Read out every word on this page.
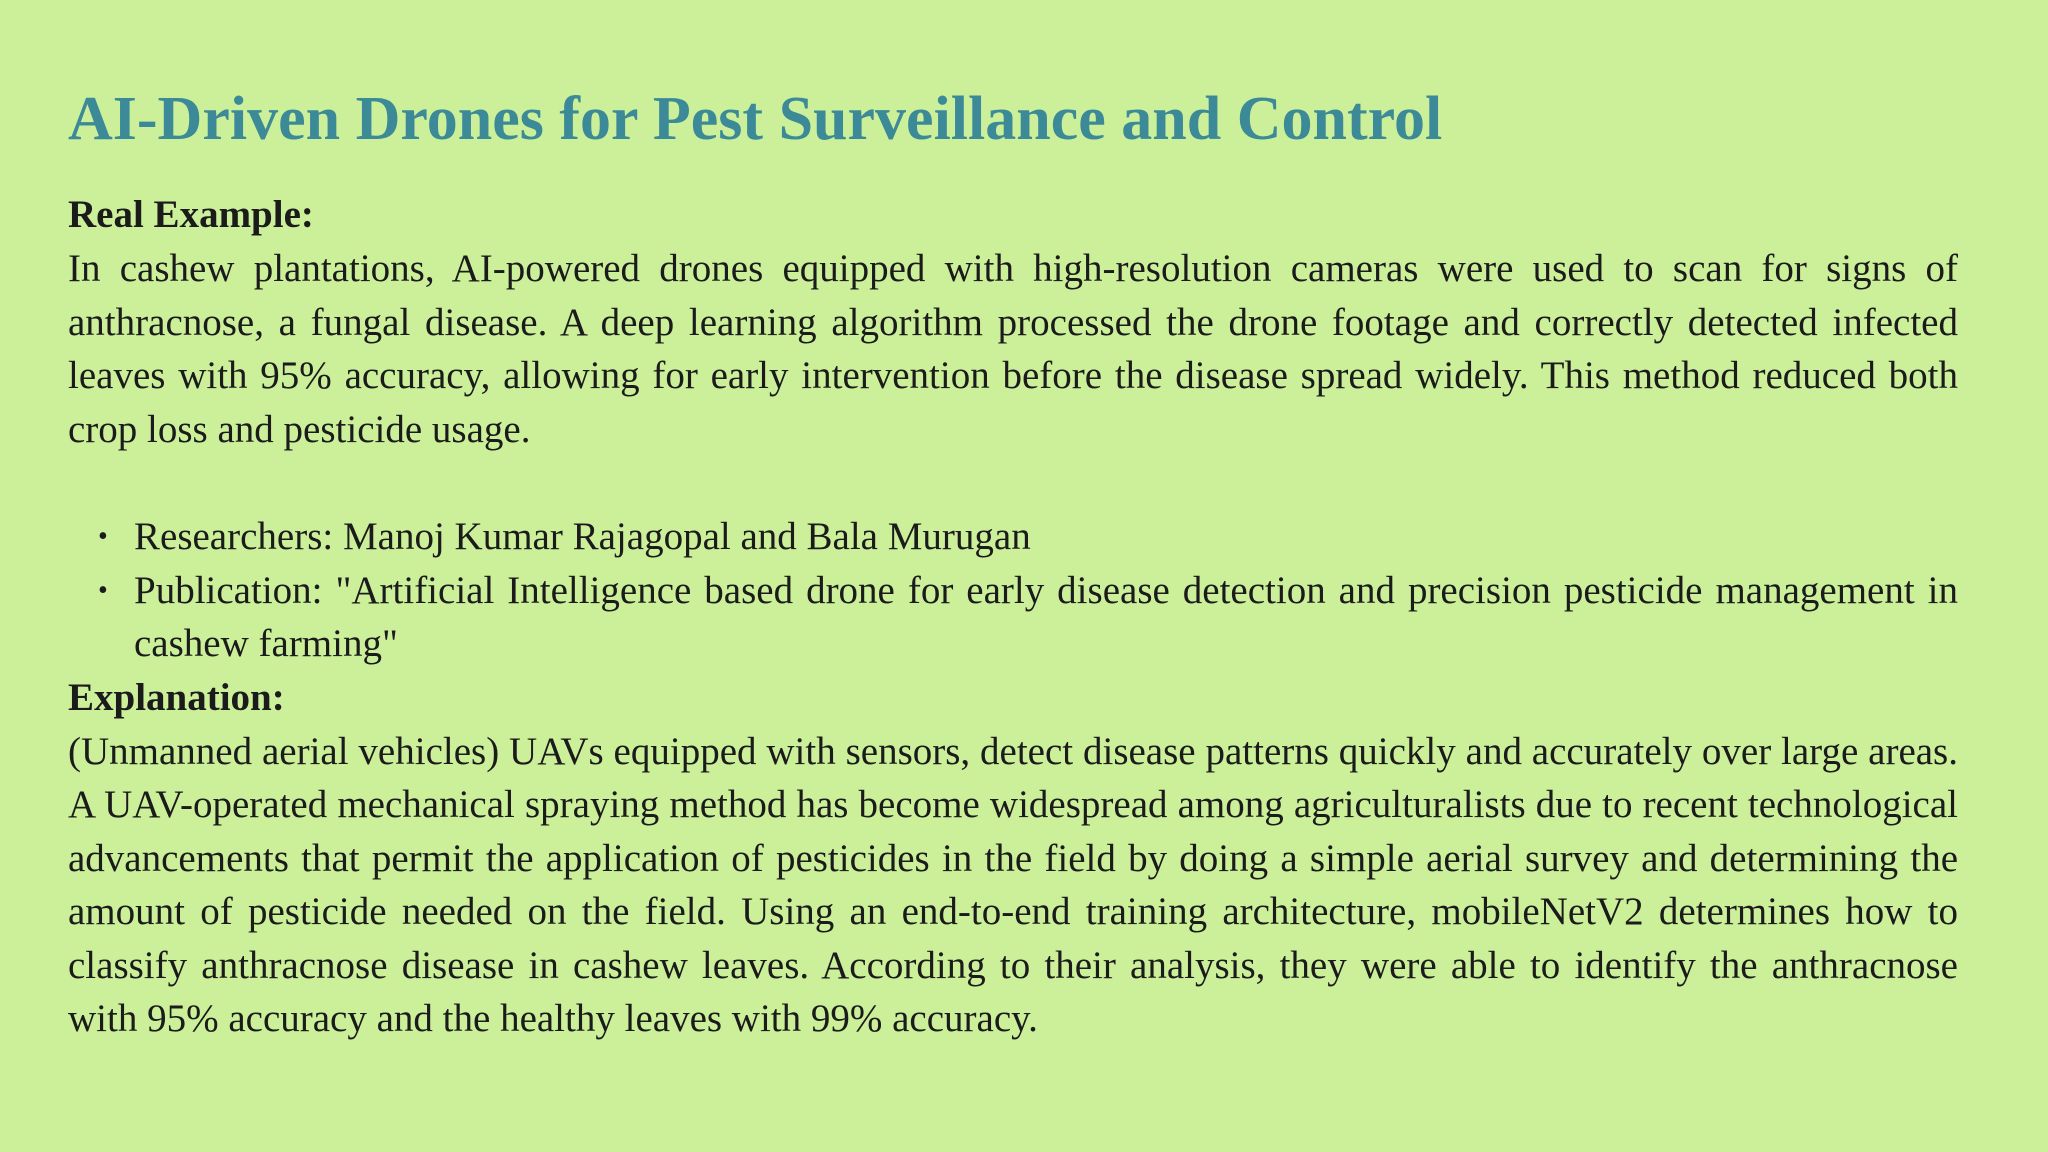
AI-Driven Drones for Pest Surveillance and Control

Real Example:

In cashew plantations, AI-powered drones equipped with high-resolution cameras were used to scan for signs of anthracnose, a fungal disease. A deep learning algorithm processed the drone footage and correctly detected infected leaves with 95% accuracy, allowing for early intervention before the disease spread widely. This method reduced both crop loss and pesticide usage.

• Researchers: Manoj Kumar Rajagopal and Bala Murugan
• Publication: "Artificial Intelligence based drone for early disease detection and precision pesticide management in cashew farming"

Explanation:

(Unmanned aerial vehicles) UAVs equipped with sensors, detect disease patterns quickly and accurately over large areas. A UAV-operated mechanical spraying method has become widespread among agriculturalists due to recent technological advancements that permit the application of pesticides in the field by doing a simple aerial survey and determining the amount of pesticide needed on the field. Using an end-to-end training architecture, mobileNetV2 determines how to classify anthracnose disease in cashew leaves. According to their analysis, they were able to identify the anthracnose with 95% accuracy and the healthy leaves with 99% accuracy.
